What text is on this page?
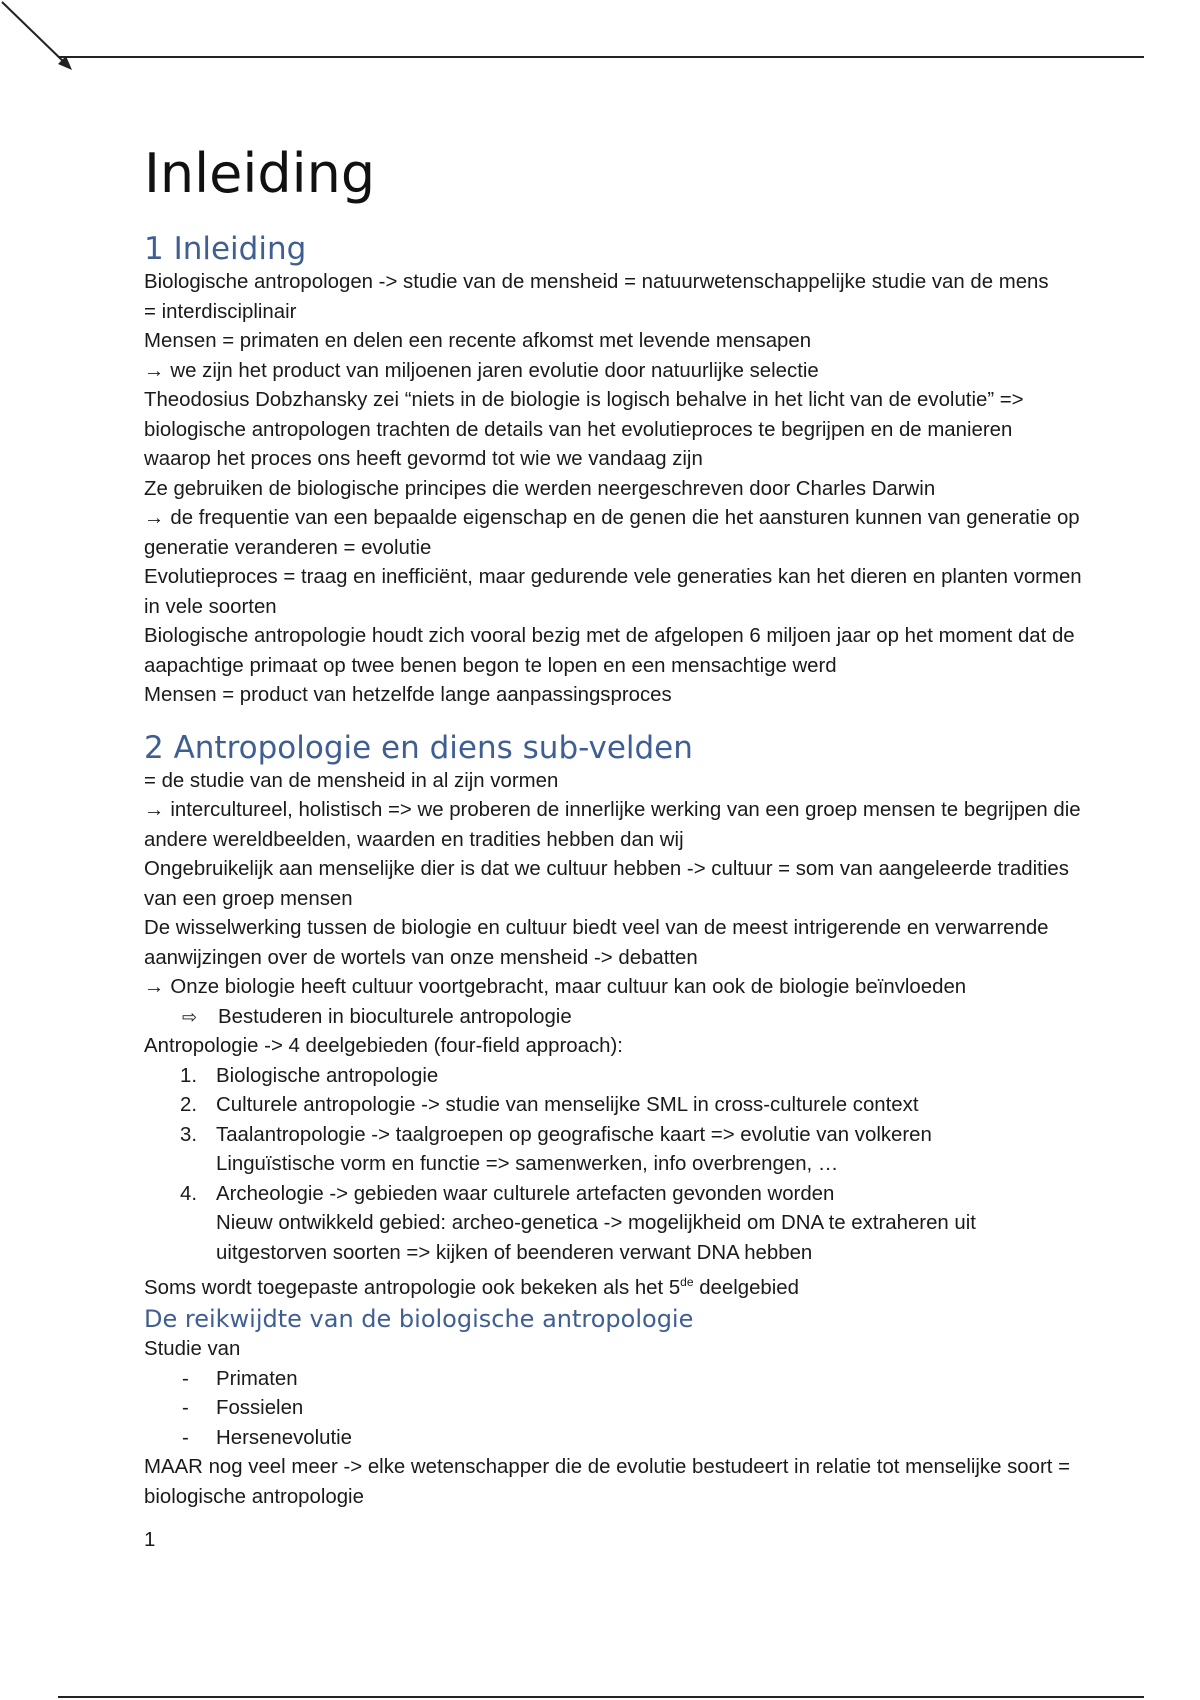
Inleiding
1 Inleiding

Biologische antropologen -> studie van de mensheid = natuurwetenschappelijke studie van de mens

= interdisciplinair

Mensen = primaten en delen een recente afkomst met levende mensapen

→ we zijn het product van miljoenen jaren evolutie door natuurlijke selectie

Theodosius Dobzhansky zei “niets in de biologie is logisch behalve in het licht van de evolutie” => biologische antropologen trachten de details van het evolutieproces te begrijpen en de manieren waarop het proces ons heeft gevormd tot wie we vandaag zijn

Ze gebruiken de biologische principes die werden neergeschreven door Charles Darwin

→ de frequentie van een bepaalde eigenschap en de genen die het aansturen kunnen van generatie op generatie veranderen = evolutie

Evolutieproces = traag en inefficiënt, maar gedurende vele generaties kan het dieren en planten vormen in vele soorten

Biologische antropologie houdt zich vooral bezig met de afgelopen 6 miljoen jaar op het moment dat de aapachtige primaat op twee benen begon te lopen en een mensachtige werd

Mensen = product van hetzelfde lange aanpassingsproces

2 Antropologie en diens sub-velden

= de studie van de mensheid in al zijn vormen

→ intercultureel, holistisch => we proberen de innerlijke werking van een groep mensen te begrijpen die andere wereldbeelden, waarden en tradities hebben dan wij

Ongebruikelijk aan menselijke dier is dat we cultuur hebben -> cultuur = som van aangeleerde tradities van een groep mensen

De wisselwerking tussen de biologie en cultuur biedt veel van de meest intrigerende en verwarrende aanwijzingen over de wortels van onze mensheid -> debatten

→ Onze biologie heeft cultuur voortgebracht, maar cultuur kan ook de biologie beïnvloeden

⇨ Bestuderen in bioculturele antropologie

Antropologie -> 4 deelgebieden (four-field approach):

1. Biologische antropologie
2. Culturele antropologie -> studie van menselijke SML in cross-culturele context
3. Taalantropologie -> taalgroepen op geografische kaart => evolutie van volkeren
Linguïstische vorm en functie => samenwerken, info overbrengen, …
4. Archeologie -> gebieden waar culturele artefacten gevonden worden
Nieuw ontwikkeld gebied: archeo-genetica -> mogelijkheid om DNA te extraheren uit uitgestorven soorten => kijken of beenderen verwant DNA hebben

Soms wordt toegepaste antropologie ook bekeken als het 5de deelgebied

De reikwijdte van de biologische antropologie

Studie van

- Primaten
- Fossielen
- Hersenevolutie

MAAR nog veel meer -> elke wetenschapper die de evolutie bestudeert in relatie tot menselijke soort = biologische antropologie

1
